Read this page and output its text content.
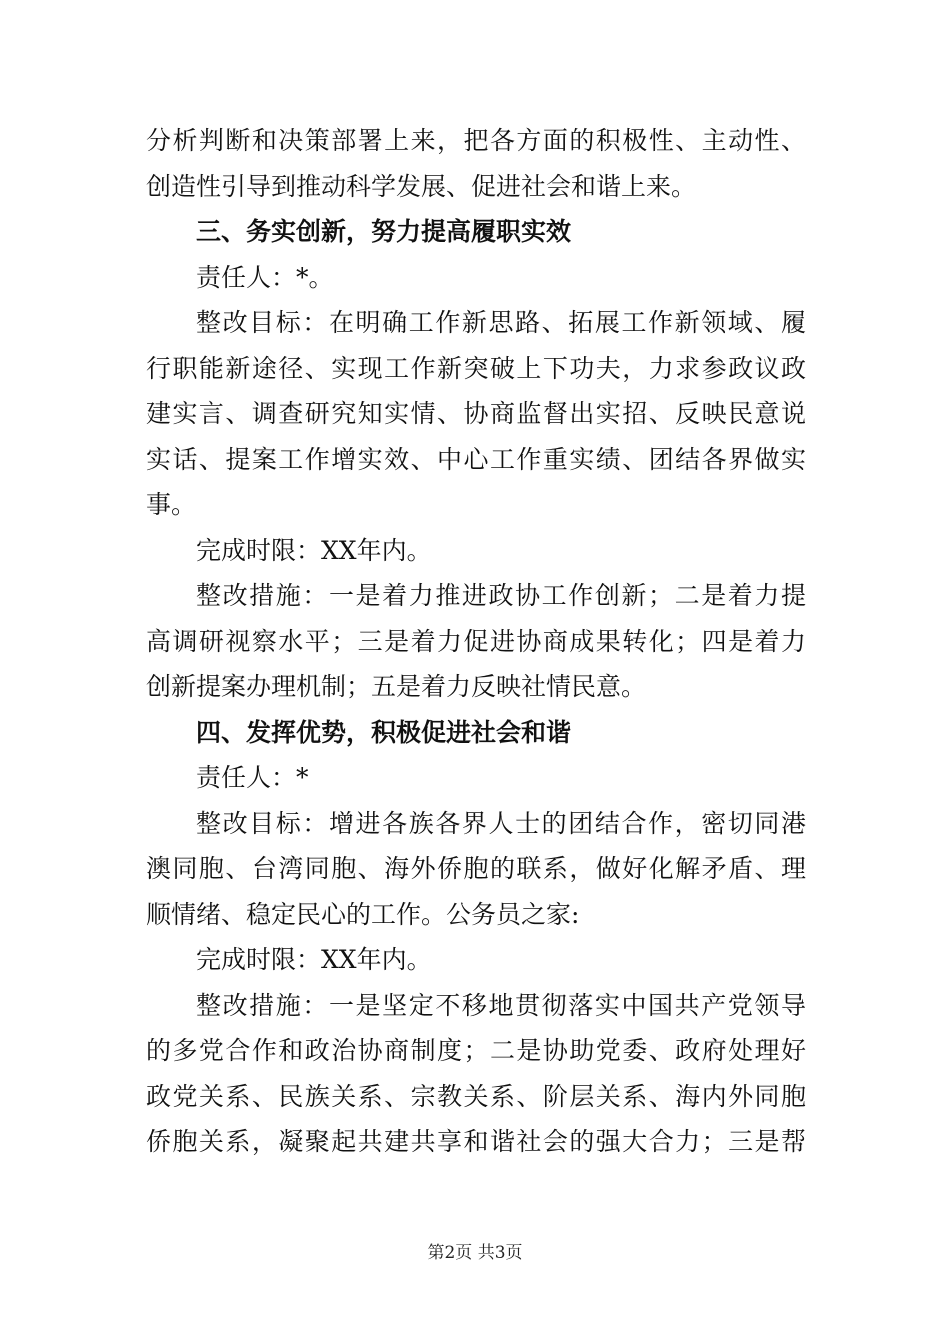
分析判断和决策部署上来，把各方面的积极性、主动性、
创造性引导到推动科学发展、促进社会和谐上来。
三、务实创新，努力提高履职实效
责任人：*。
整改目标：在明确工作新思路、拓展工作新领域、履
行职能新途径、实现工作新突破上下功夫，力求参政议政
建实言、调查研究知实情、协商监督出实招、反映民意说
实话、提案工作增实效、中心工作重实绩、团结各界做实
事。
完成时限：XX年内。
整改措施：一是着力推进政协工作创新；二是着力提
高调研视察水平；三是着力促进协商成果转化；四是着力
创新提案办理机制；五是着力反映社情民意。
四、发挥优势，积极促进社会和谐
责任人：*
整改目标：增进各族各界人士的团结合作，密切同港
澳同胞、台湾同胞、海外侨胞的联系，做好化解矛盾、理
顺情绪、稳定民心的工作。公务员之家:
完成时限：XX年内。
整改措施：一是坚定不移地贯彻落实中国共产党领导
的多党合作和政治协商制度；二是协助党委、政府处理好
政党关系、民族关系、宗教关系、阶层关系、海内外同胞
侨胞关系，凝聚起共建共享和谐社会的强大合力；三是帮
第2页 共3页
